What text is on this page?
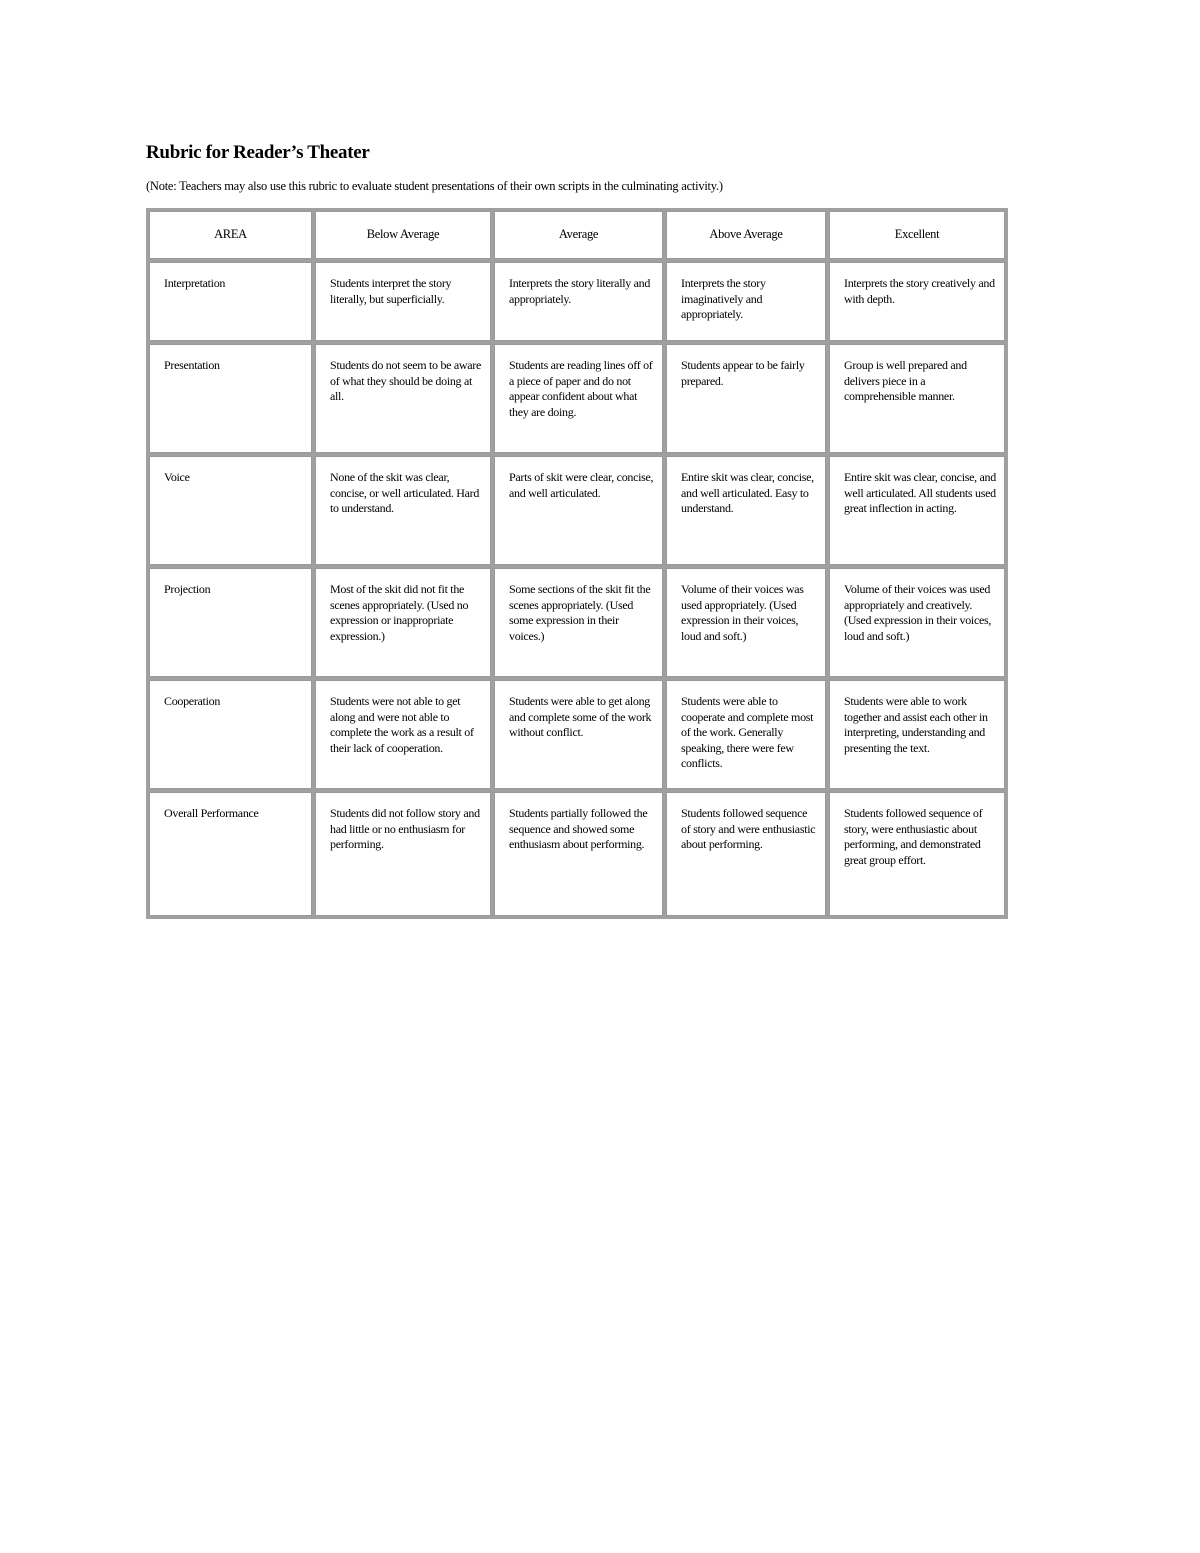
Rubric for Reader’s Theater

(Note: Teachers may also use this rubric to evaluate student presentations of their own scripts in the culminating activity.)

AREA	Below Average	Average	Above Average	Excellent
Interpretation	Students interpret the story literally, but superficially.	Interprets the story literally and appropriately.	Interprets the story imaginatively and appropriately.	Interprets the story creatively and with depth.
Presentation	Students do not seem to be aware of what they should be doing at all.	Students are reading lines off of a piece of paper and do not appear confident about what they are doing.	Students appear to be fairly prepared.	Group is well prepared and delivers piece in a comprehensible manner.
Voice	None of the skit was clear, concise, or well articulated. Hard to understand.	Parts of skit were clear, concise, and well articulated.	Entire skit was clear, concise, and well articulated. Easy to understand.	Entire skit was clear, concise, and well articulated. All students used great inflection in acting.
Projection	Most of the skit did not fit the scenes appropriately. (Used no expression or inappropriate expression.)	Some sections of the skit fit the scenes appropriately. (Used some expression in their voices.)	Volume of their voices was used appropriately. (Used expression in their voices, loud and soft.)	Volume of their voices was used appropriately and creatively. (Used expression in their voices, loud and soft.)
Cooperation	Students were not able to get along and were not able to complete the work as a result of their lack of cooperation.	Students were able to get along and complete some of the work without conflict.	Students were able to cooperate and complete most of the work. Generally speaking, there were few conflicts.	Students were able to work together and assist each other in interpreting, understanding and presenting the text.
Overall Performance	Students did not follow story and had little or no enthusiasm for performing.	Students partially followed the sequence and showed some enthusiasm about performing.	Students followed sequence of story and were enthusiastic about performing.	Students followed sequence of story, were enthusiastic about performing, and demonstrated great group effort.
